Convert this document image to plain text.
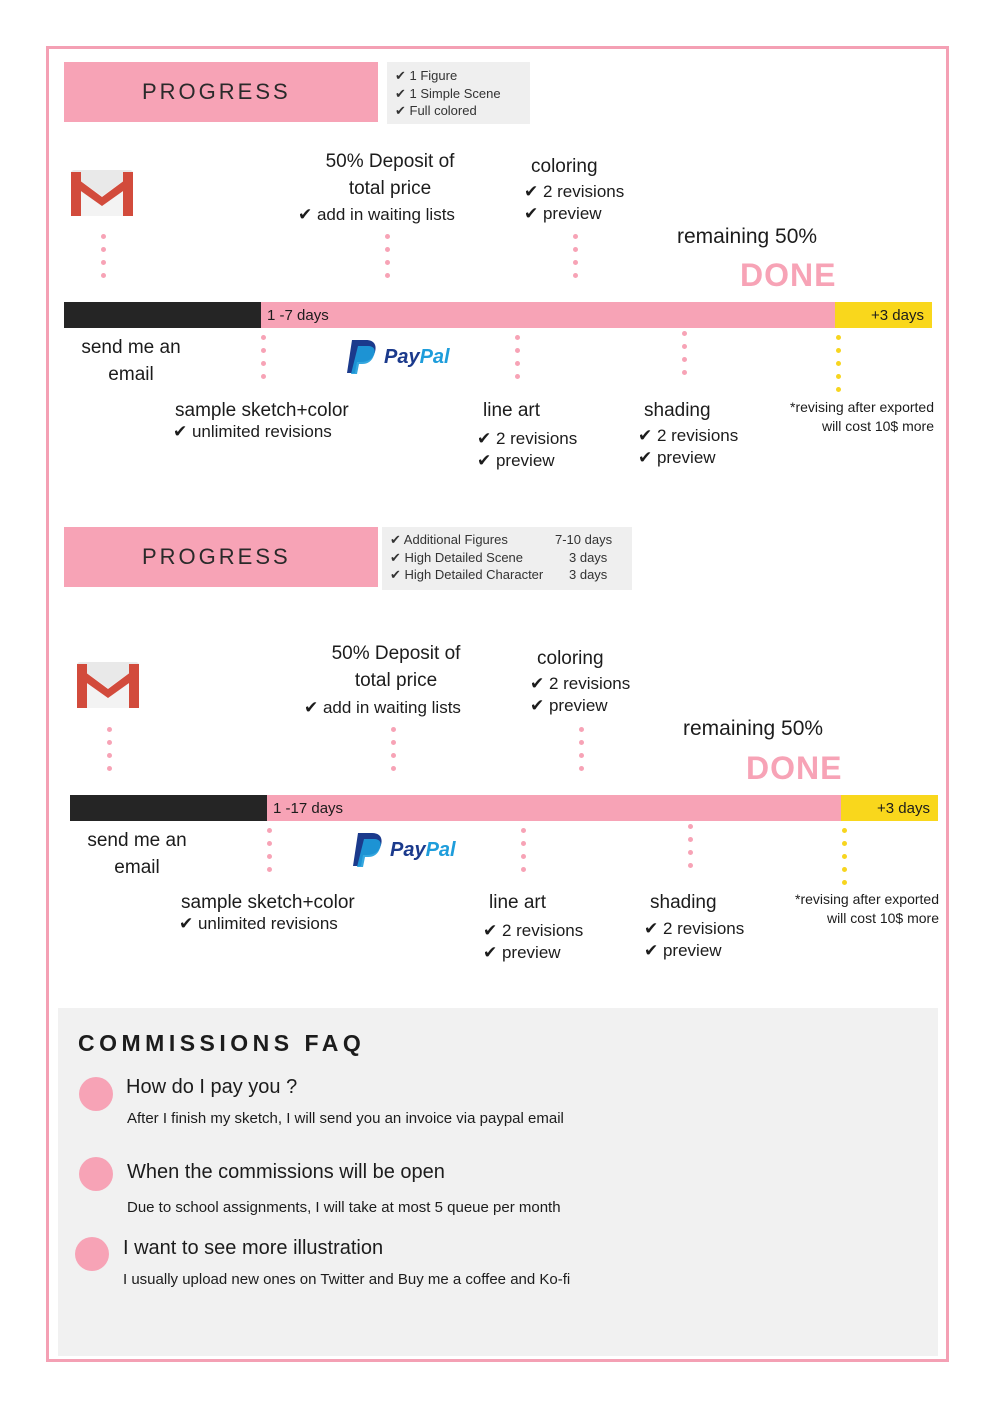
PROGRESS
✔ 1 Figure
✔ 1 Simple Scene
✔ Full colored
50% Deposit of
total price
✔ add in waiting lists
coloring
✔ 2 revisions
✔ preview
remaining 50%
DONE
1 -7 days	+3 days
send me an
email
sample sketch+color
✔ unlimited revisions
PayPal
line art
✔ 2 revisions
✔ preview
shading
✔ 2 revisions
✔ preview
*revising after exported
will cost 10$ more
PROGRESS
✔ Additional Figures	7-10 days
✔ High Detailed Scene	3 days
✔ High Detailed Character 3 days
50% Deposit of
total price
✔ add in waiting lists
coloring
✔ 2 revisions
✔ preview
remaining 50%
DONE
1 -17 days	+3 days
send me an
email
sample sketch+color
✔ unlimited revisions
PayPal
line art
✔ 2 revisions
✔ preview
shading
✔ 2 revisions
✔ preview
*revising after exported
will cost 10$ more
COMMISSIONS FAQ
How do I pay you ?
After I finish my sketch, I will send you an invoice via paypal email
When the commissions will be open
Due to school assignments, I will take at most 5 queue per month
I want to see more illustration
I usually upload new ones on Twitter and Buy me a coffee and Ko-fi
